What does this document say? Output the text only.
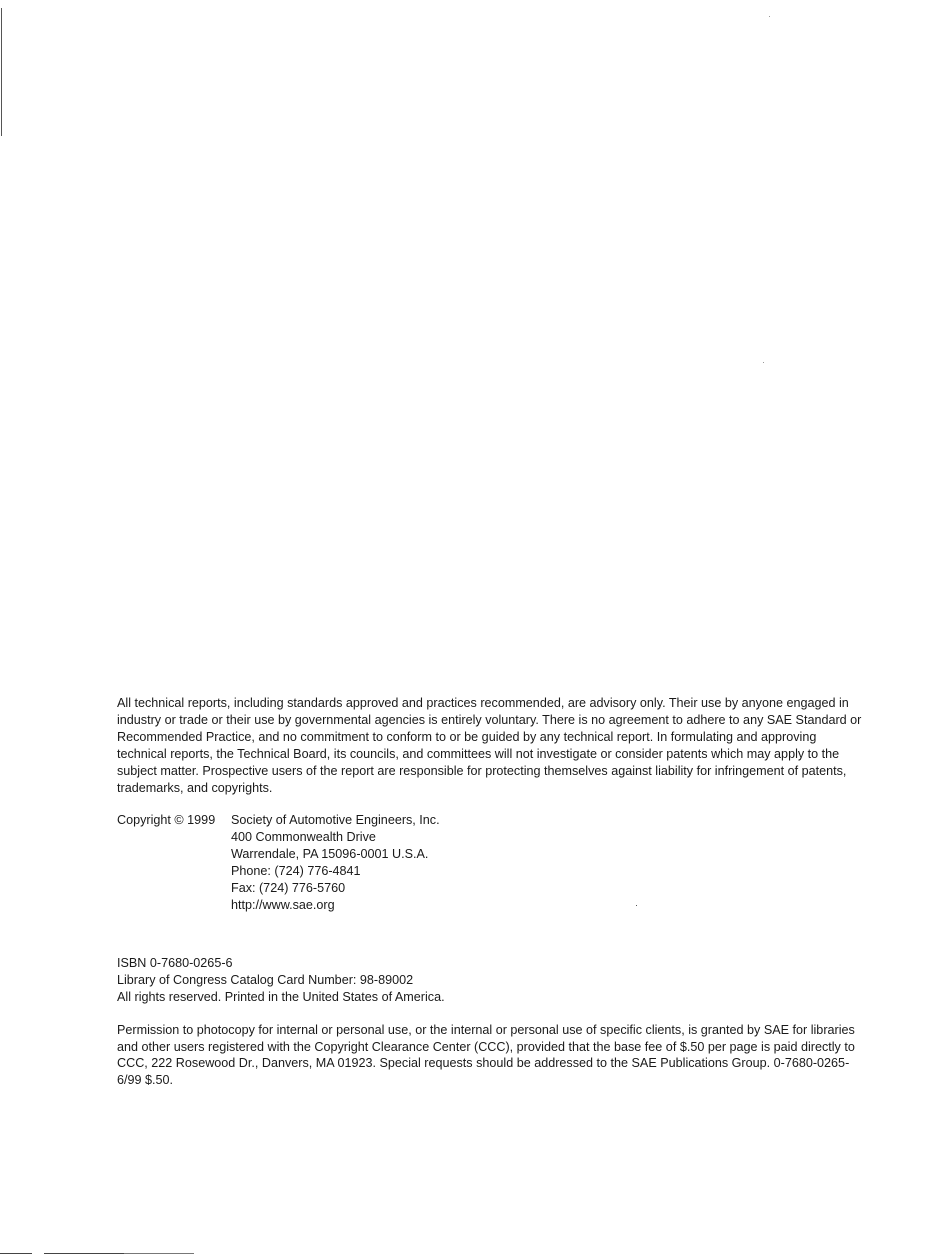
All technical reports, including standards approved and practices recommended, are advisory only. Their use by anyone engaged in industry or trade or their use by governmental agencies is entirely voluntary. There is no agreement to adhere to any SAE Standard or Recommended Practice, and no commitment to conform to or be guided by any technical report. In formulating and approving technical reports, the Technical Board, its councils, and committees will not investigate or consider patents which may apply to the subject matter. Prospective users of the report are responsible for protecting themselves against liability for infringement of patents, trademarks, and copyrights.

Copyright © 1999	Society of Automotive Engineers, Inc.
400 Commonwealth Drive
Warrendale, PA 15096-0001 U.S.A.
Phone: (724) 776-4841
Fax: (724) 776-5760
http://www.sae.org
ISBN 0-7680-0265-6
Library of Congress Catalog Card Number: 98-89002
All rights reserved. Printed in the United States of America.

Permission to photocopy for internal or personal use, or the internal or personal use of specific clients, is granted by SAE for libraries and other users registered with the Copyright Clearance Center (CCC), provided that the base fee of $.50 per page is paid directly to CCC, 222 Rosewood Dr., Danvers, MA 01923. Special requests should be addressed to the SAE Publications Group. 0-7680-0265-6/99 $.50.
